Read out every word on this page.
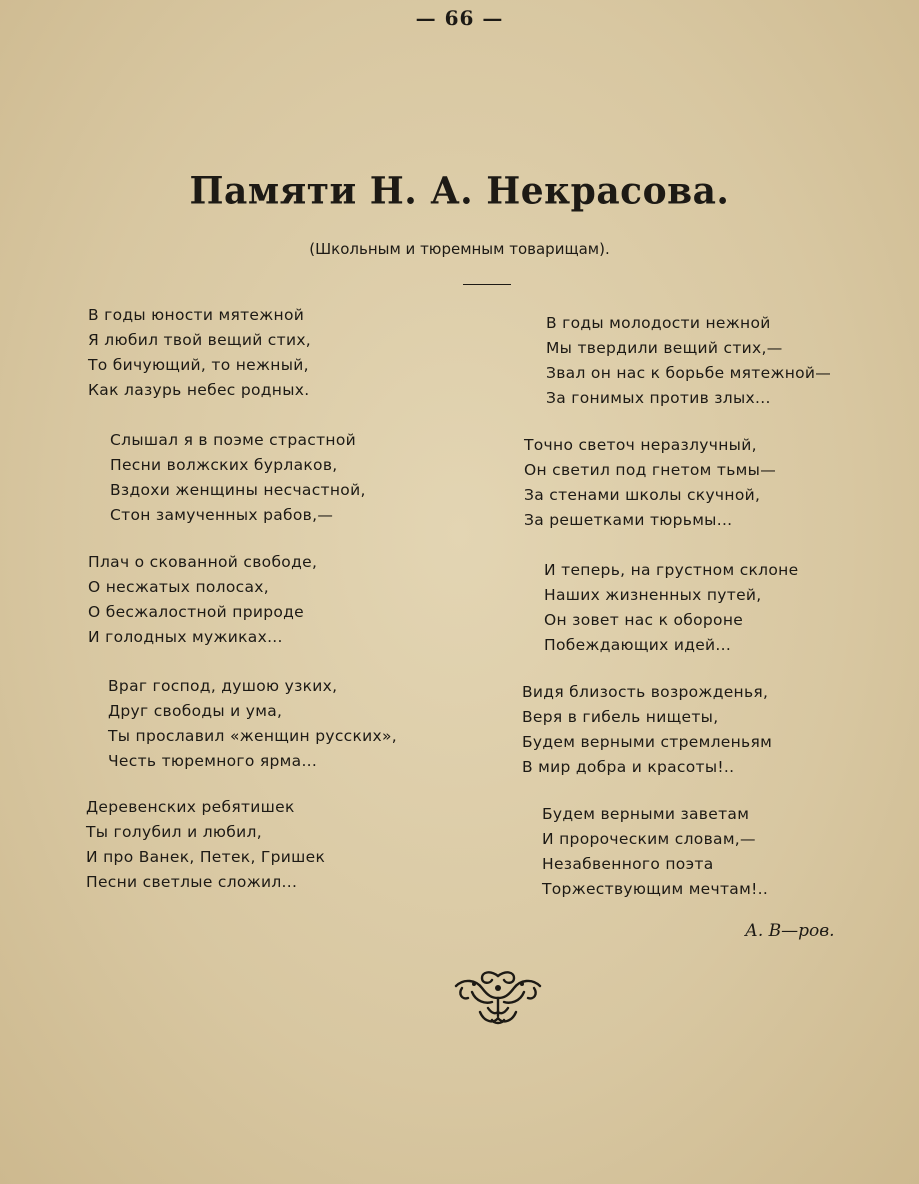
— 66 —
Памяти Н. А. Некрасова.
(Школьным и тюремным товарищам).
В годы юности мятежной
Я любил твой вещий стих,
То бичующий, то нежный,
Как лазурь небес родных.
Слышал я в поэме страстной
Песни волжских бурлаков,
Вздохи женщины несчастной,
Стон замученных рабов,—
Плач о скованной свободе,
О несжатых полосах,
О бесжалостной природе
И голодных мужиках...
Враг господ, душою узких,
Друг свободы и ума,
Ты прославил «женщин русских»,
Честь тюремного ярма...
Деревенских ребятишек
Ты голубил и любил,
И про Ванек, Петек, Гришек
Песни светлые сложил...
В годы молодости нежной
Мы твердили вещий стих,—
Звал он нас к борьбе мятежной—
За гонимых против злых...
Точно светоч неразлучный,
Он светил под гнетом тьмы—
За стенами школы скучной,
За решетками тюрьмы...
И теперь, на грустном склоне
Наших жизненных путей,
Он зовет нас к обороне
Побеждающих идей...
Видя близость возрожденья,
Веря в гибель нищеты,
Будем верными стремленьям
В мир добра и красоты!..
Будем верными заветам
И пророческим словам,—
Незабвенного поэта
Торжествующим мечтам!..
А. В—ров.
